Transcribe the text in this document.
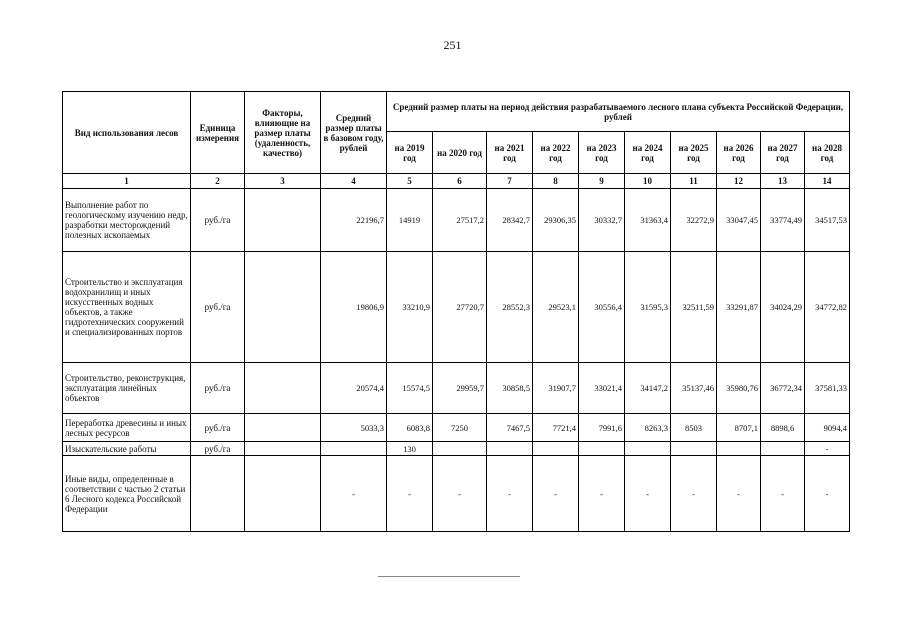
251
Вид использования лесов	Единица измерения	Факторы, влияющие на размер платы (удаленность, качество)	Средний размер платы в базовом году, рублей	Средний размер платы на период действия разрабатываемого лесного плана субъекта Российской Федерации, рублей									
				на 2019 год	на 2020 год	на 2021 год	на 2022 год	на 2023 год	на 2024 год	на 2025 год	на 2026 год	на 2027 год	на 2028 год
1	2	3	4	5	6	7	8	9	10	11	12	13	14
Выполнение работ по геологическому изучению недр, разработки месторождений полезных ископаемых	руб./га		22196,7	14919	27517,2	28342,7	29306,35	30332,7	31363,4	32272,9	33047,45	33774,49	34517,53
Строительство и эксплуатация водохранилищ и иных искусственных водных объектов, а также гидротехнических сооружений и специализированных портов	руб./га		19806,9	33210,9	27720,7	28552,3	29523,1	30556,4	31595,3	32511,59	33291,87	34024,29	34772,82
Строительство, реконструкция, эксплуатация линейных объектов	руб./га		20574,4	15574,5	29959,7	30858,5	31907,7	33021,4	34147,2	35137,46	35980,76	36772,34	37581,33
Переработка древесины и иных лесных ресурсов	руб./га		5033,3	6083,8	7250	7467,5	7721,4	7991,6	8263,3	8503	8707,1	8898,6	9094,4
Изыскательские работы	руб./га			130									-
Иные виды, определенные в соответствии с частью 2 статьи 6 Лесного кодекса Российской Федерации			-	-	-	-	-	-	-	-	-	-	-
